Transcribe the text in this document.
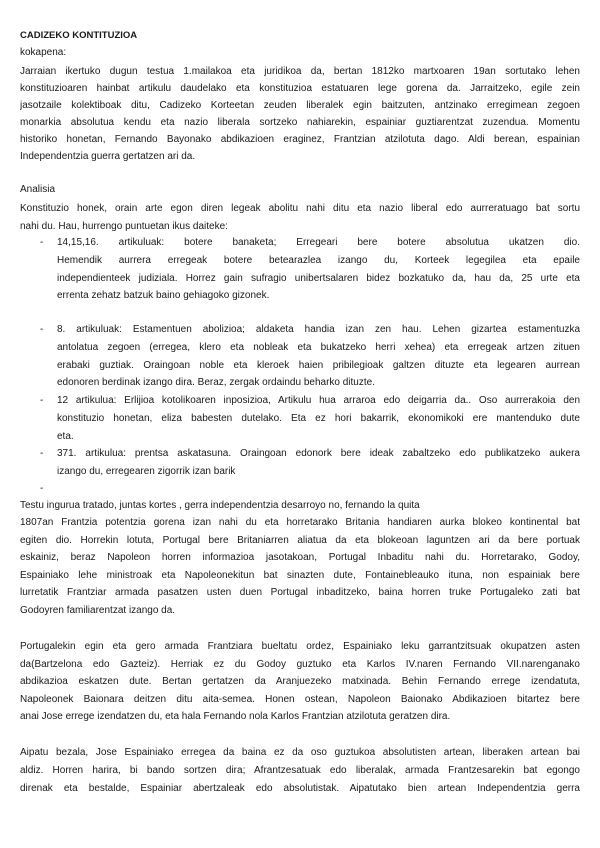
CADIZEKO KONTITUZIOA
kokapena:
Jarraian ikertuko dugun testua 1.mailakoa eta juridikoa da, bertan 1812ko martxoaren 19an sortutako lehen
konstituzioaren hainbat artikulu daudelako eta konstituzioa estatuaren lege gorena da. Jarraitzeko, egile zein
jasotzaile kolektiboak ditu, Cadizeko Korteetan zeuden liberalek egin baitzuten, antzinako erregimean zegoen
monarkia absolutua kendu eta nazio liberala sortzeko nahiarekin, espainiar guztiarentzat zuzendua. Momentu
historiko honetan, Fernando Bayonako abdikazioen eraginez, Frantzian atzilotuta dago. Aldi berean, espainian
Independentzia guerra gertatzen ari da.
Analisia
Konstituzio honek, orain arte egon diren legeak abolitu nahi ditu eta nazio liberal edo aurreratuago bat sortu
nahi du. Hau, hurrengo puntuetan ikus daiteke:
- 14,15,16. artikuluak: botere banaketa; Erregeari bere botere absolutua ukatzen dio.
Hemendik aurrera erregeak botere betearazlea izango du, Korteek legegilea eta epaile
independienteek judiziala. Horrez gain sufragio unibertsalaren bidez bozkatuko da, hau da, 25 urte eta
errenta zehatz batzuk baino gehiagoko gizonek.
- 8. artikuluak: Estamentuen abolizioa; aldaketa handia izan zen hau. Lehen gizartea estamentuzka
antolatua zegoen (erregea, klero eta nobleak eta bukatzeko herri xehea) eta erregeak artzen zituen
erabaki guztiak. Oraingoan noble eta kleroek haien pribilegioak galtzen dituzte eta legearen aurrean
edonoren berdinak izango dira. Beraz, zergak ordaindu beharko dituzte.
- 12 artikulua: Erlijioa kotolikoaren inposizioa, Artikulu hua arraroa edo deigarria da.. Oso aurrerakoia den
konstituzio honetan, eliza babesten dutelako. Eta ez hori bakarrik, ekonomikoki ere mantenduko dute
eta.
- 371. artikulua: prentsa askatasuna. Oraingoan edonork bere ideak zabaltzeko edo publikatzeko aukera
izango du, erregearen zigorrik izan barik
-
Testu ingurua tratado, juntas kortes , gerra independentzia desarroyo no, fernando la quita
1807an Frantzia potentzia gorena izan nahi du eta horretarako Britania handiaren aurka blokeo kontinental bat
egiten dio. Horrekin lotuta, Portugal bere Britaniarren aliatua da eta blokeoan laguntzen ari da bere portuak
eskainiz, beraz Napoleon horren informazioa jasotakoan, Portugal Inbaditu nahi du. Horretarako, Godoy,
Espainiako lehe ministroak eta Napoleonekitun bat sinazten dute, Fontainebleauko ituna, non espainiak bere
lurretatik Frantziar armada pasatzen usten duen Portugal inbaditzeko, baina horren truke Portugaleko zati bat
Godoyren familiarentzat izango da.
Portugalekin egin eta gero armada Frantziara bueltatu ordez, Espainiako leku garrantzitsuak okupatzen asten
da(Bartzelona edo Gazteiz). Herriak ez du Godoy guztuko eta Karlos IV.naren Fernando VII.narenganako
abdikazioa eskatzen dute. Bertan gertatzen da Aranjuezeko matxinada. Behin Fernando errege izendatuta,
Napoleonek Baionara deitzen ditu aita-semea. Honen ostean, Napoleon Baionako Abdikazioen bitartez bere
anai Jose errege izendatzen du, eta hala Fernando nola Karlos Frantzian atzilotuta geratzen dira.
Aipatu bezala, Jose Espainiako erregea da baina ez da oso guztukoa absolutisten artean, liberaken artean bai
aldiz. Horren harira, bi bando sortzen dira; Afrantzesatuak edo liberalak, armada Frantzesarekin bat egongo
direnak eta bestalde, Espainiar abertzaleak edo absolutistak. Aipatutako bien artean Independentzia gerra
